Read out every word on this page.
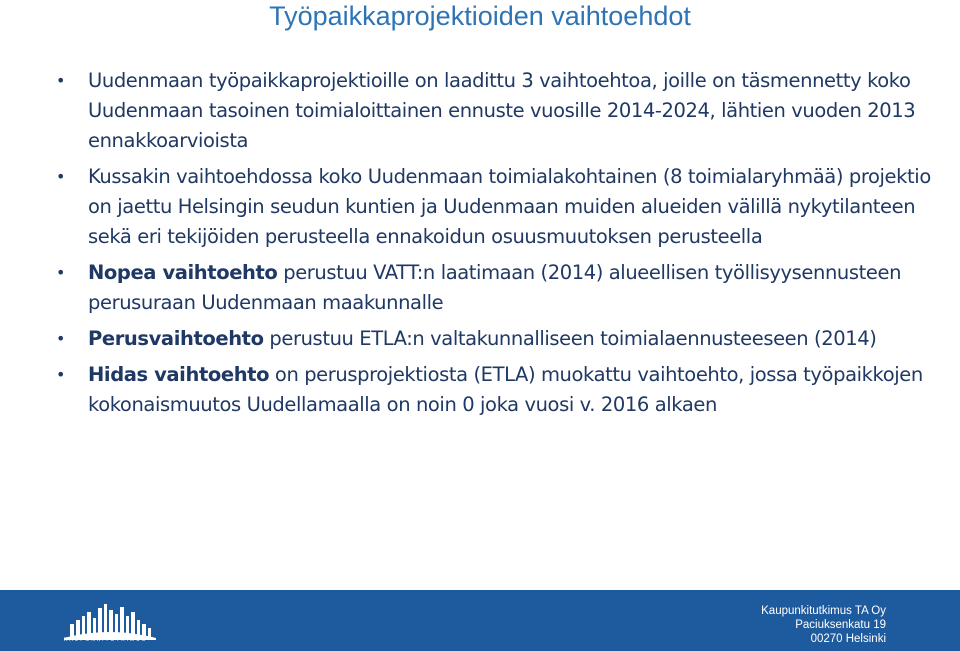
Työpaikkaprojektioiden vaihtoehdot
• Uudenmaan työpaikkaprojektioille on laadittu 3 vaihtoehtoa, joille on täsmennetty koko Uudenmaan tasoinen toimialoittainen ennuste vuosille 2014-2024, lähtien vuoden 2013 ennakkoarvioista
• Kussakin vaihtoehdossa koko Uudenmaan toimialakohtainen (8 toimialaryhmää) projektio on jaettu Helsingin seudun kuntien ja Uudenmaan muiden alueiden välillä nykytilanteen sekä eri tekijöiden perusteella ennakoidun osuusmuutoksen perusteella
• Nopea vaihtoehto perustuu VATT:n laatimaan (2014) alueellisen työllisyysennusteen perusuraan Uudenmaan maakunnalle
• Perusvaihtoehto perustuu ETLA:n valtakunnalliseen toimialaennusteeseen (2014)
• Hidas vaihtoehto on perusprojektiosta (ETLA) muokattu vaihtoehto, jossa työpaikkojen kokonaismuutos Uudellamaalla on noin 0 joka vuosi v. 2016 alkaen
KAUPUNKITUTKIMUS
Kaupunkitutkimus TA Oy
Paciuksenkatu 19
00270 Helsinki
